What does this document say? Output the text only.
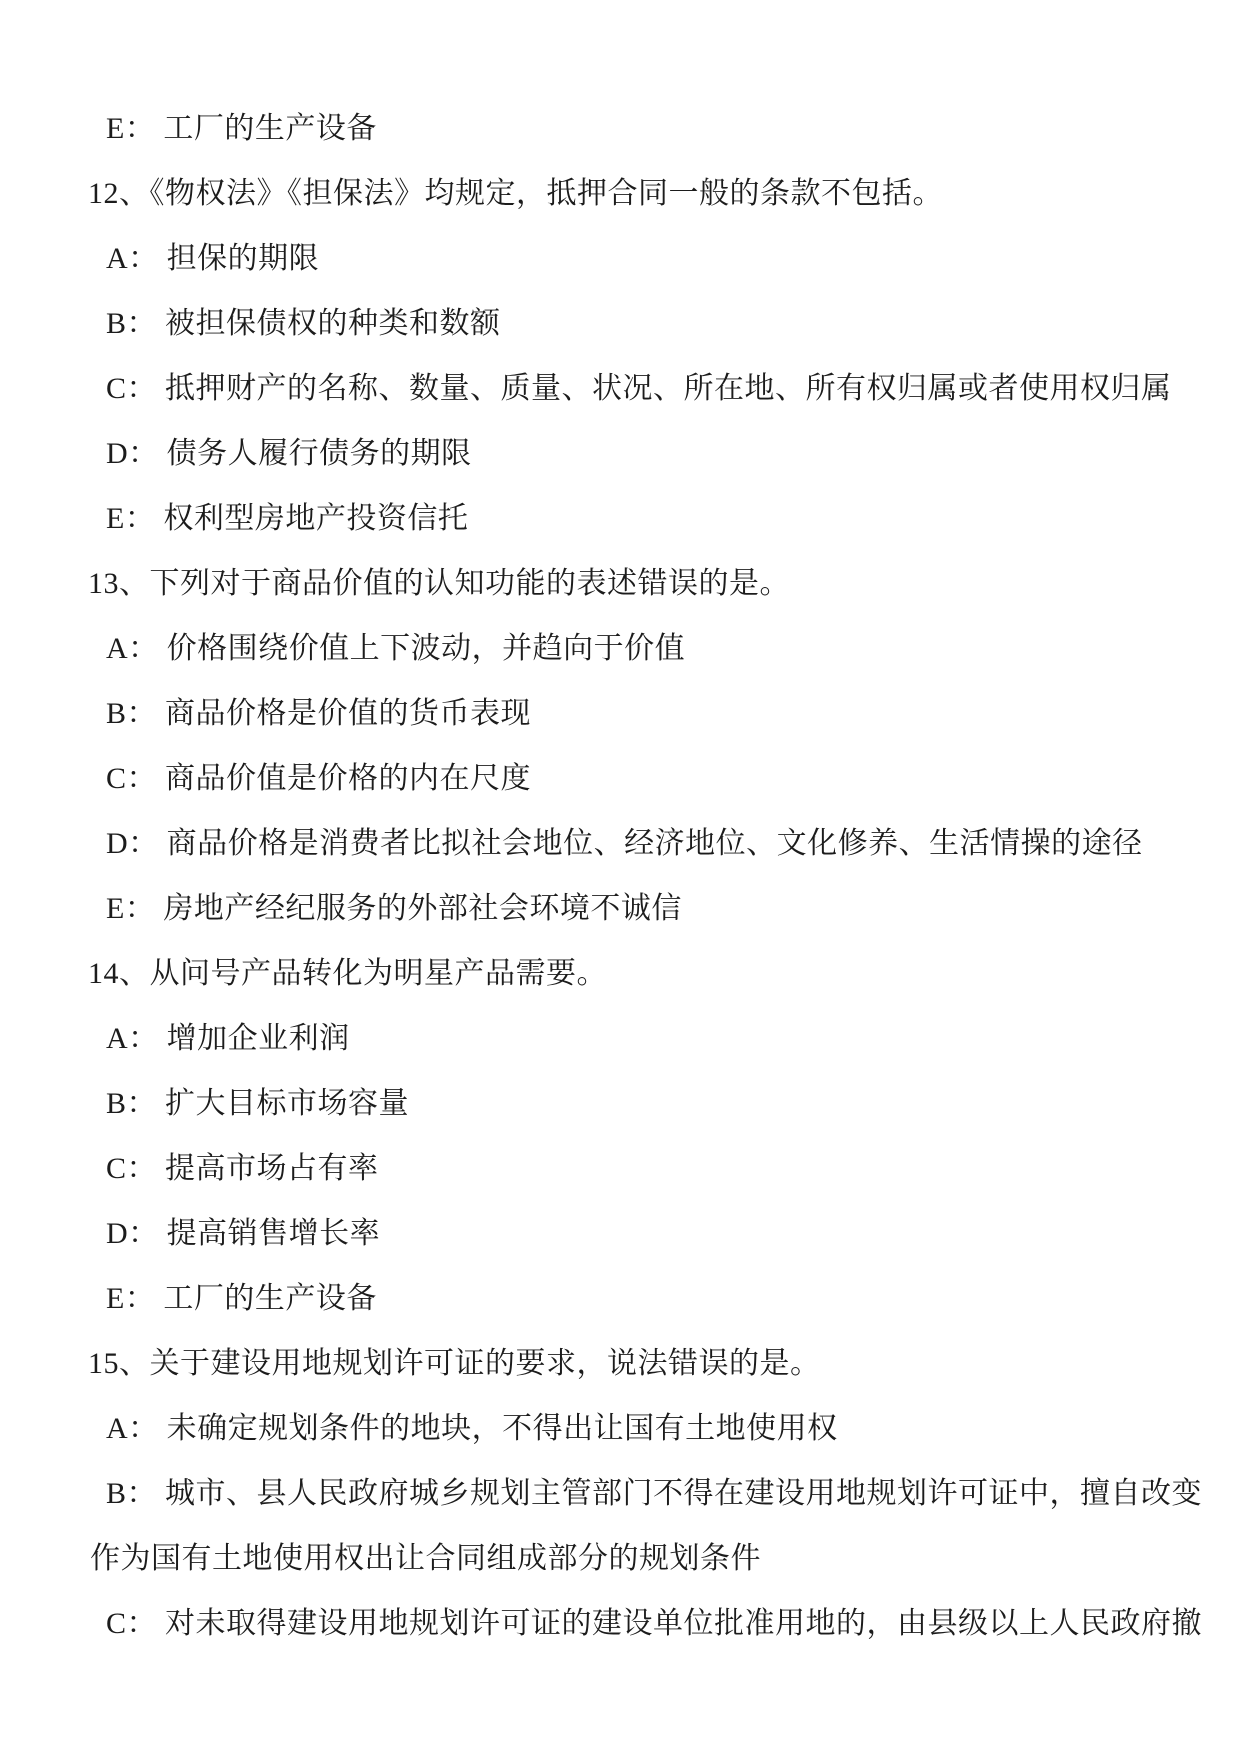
E： 工厂的生产设备
12、《物权法》《担保法》均规定，抵押合同一般的条款不包括。
A： 担保的期限
B： 被担保债权的种类和数额
C： 抵押财产的名称、数量、质量、状况、所在地、所有权归属或者使用权归属
D： 债务人履行债务的期限
E： 权利型房地产投资信托
13、下列对于商品价值的认知功能的表述错误的是。
A： 价格围绕价值上下波动，并趋向于价值
B： 商品价格是价值的货币表现
C： 商品价值是价格的内在尺度
D： 商品价格是消费者比拟社会地位、经济地位、文化修养、生活情操的途径
E： 房地产经纪服务的外部社会环境不诚信
14、从问号产品转化为明星产品需要。
A： 增加企业利润
B： 扩大目标市场容量
C： 提高市场占有率
D： 提高销售增长率
E： 工厂的生产设备
15、关于建设用地规划许可证的要求，说法错误的是。
A： 未确定规划条件的地块，不得出让国有土地使用权
B： 城市、县人民政府城乡规划主管部门不得在建设用地规划许可证中，擅自改变
作为国有土地使用权出让合同组成部分的规划条件
C： 对未取得建设用地规划许可证的建设单位批准用地的，由县级以上人民政府撤
